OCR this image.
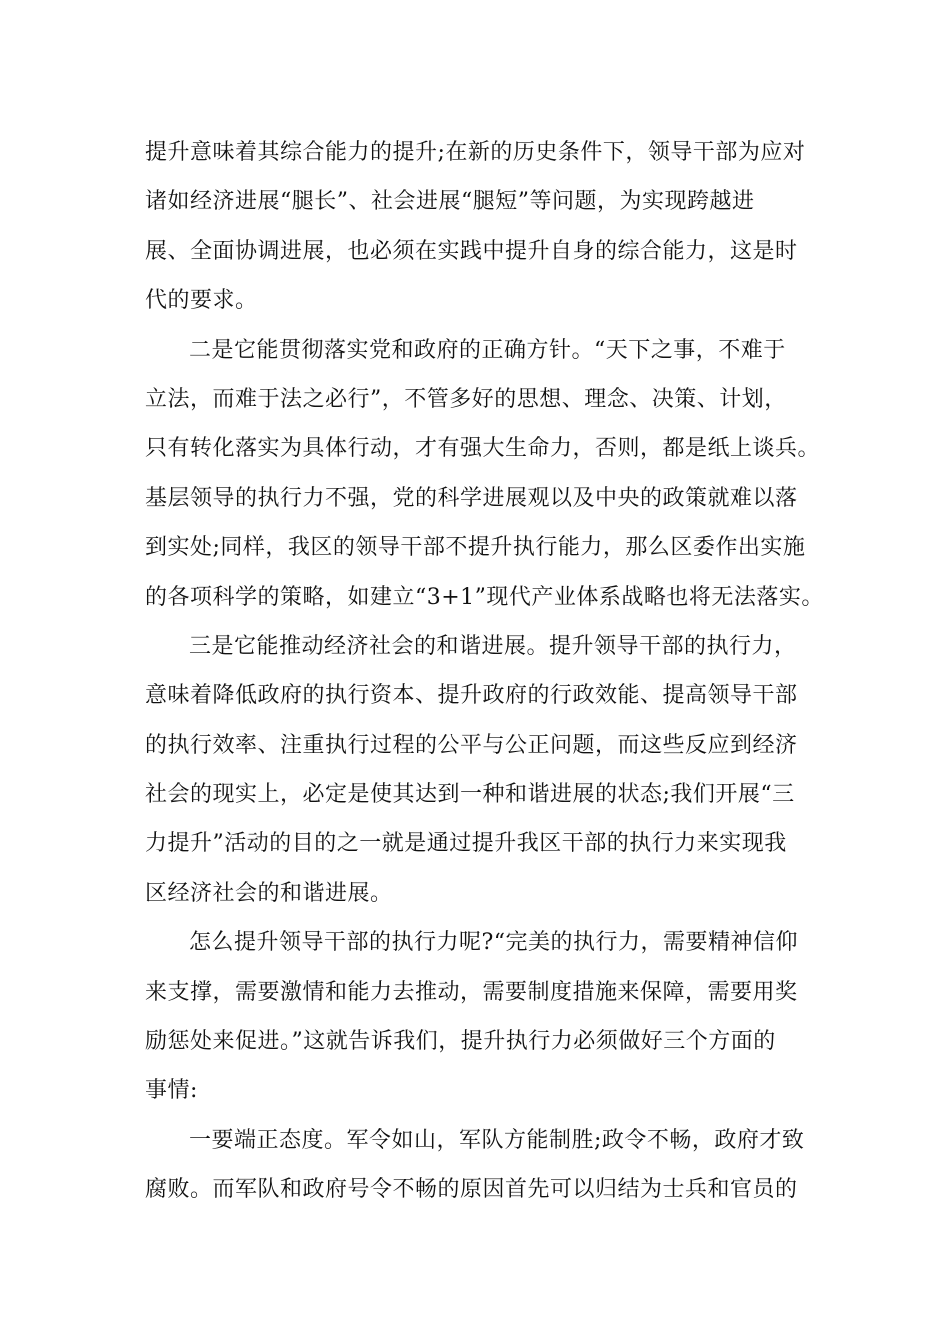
提升意味着其综合能力的提升;在新的历史条件下，领导干部为应对
诸如经济进展“腿长”、社会进展“腿短”等问题，为实现跨越进
展、全面协调进展，也必须在实践中提升自身的综合能力，这是时
代的要求。
二是它能贯彻落实党和政府的正确方针。“天下之事，不难于
立法，而难于法之必行”，不管多好的思想、理念、决策、计划，
只有转化落实为具体行动，才有强大生命力，否则，都是纸上谈兵。
基层领导的执行力不强，党的科学进展观以及中央的政策就难以落
到实处;同样，我区的领导干部不提升执行能力，那么区委作出实施
的各项科学的策略，如建立“3+1”现代产业体系战略也将无法落实。
三是它能推动经济社会的和谐进展。提升领导干部的执行力，
意味着降低政府的执行资本、提升政府的行政效能、提高领导干部
的执行效率、注重执行过程的公平与公正问题，而这些反应到经济
社会的现实上，必定是使其达到一种和谐进展的状态;我们开展“三
力提升”活动的目的之一就是通过提升我区干部的执行力来实现我
区经济社会的和谐进展。
怎么提升领导干部的执行力呢?“完美的执行力，需要精神信仰
来支撑，需要激情和能力去推动，需要制度措施来保障，需要用奖
励惩处来促进。”这就告诉我们，提升执行力必须做好三个方面的
事情:
一要端正态度。军令如山，军队方能制胜;政令不畅，政府才致
腐败。而军队和政府号令不畅的原因首先可以归结为士兵和官员的
